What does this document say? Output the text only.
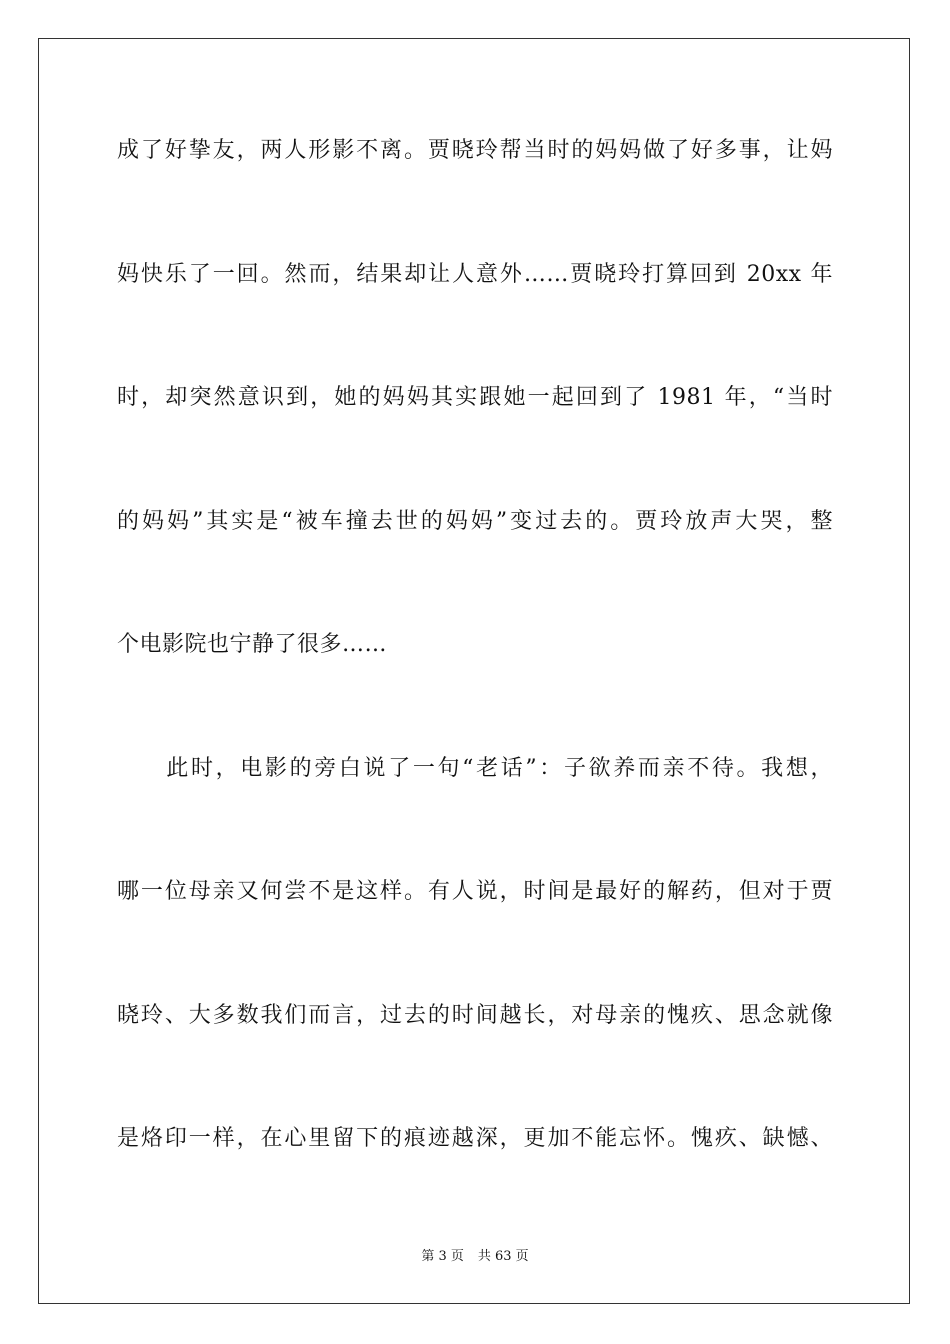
成了好挚友，两人形影不离。贾晓玲帮当时的妈妈做了好多事，让妈
妈快乐了一回。然而，结果却让人意外……贾晓玲打算回到 20xx 年
时，却突然意识到，她的妈妈其实跟她一起回到了 1981 年，“当时
的妈妈”其实是“被车撞去世的妈妈”变过去的。贾玲放声大哭，整
个电影院也宁静了很多……
　　此时，电影的旁白说了一句“老话”：子欲养而亲不待。我想，
哪一位母亲又何尝不是这样。有人说，时间是最好的解药，但对于贾
晓玲、大多数我们而言，过去的时间越长，对母亲的愧疚、思念就像
是烙印一样，在心里留下的痕迹越深，更加不能忘怀。愧疚、缺憾、
第 3 页 共 63 页
